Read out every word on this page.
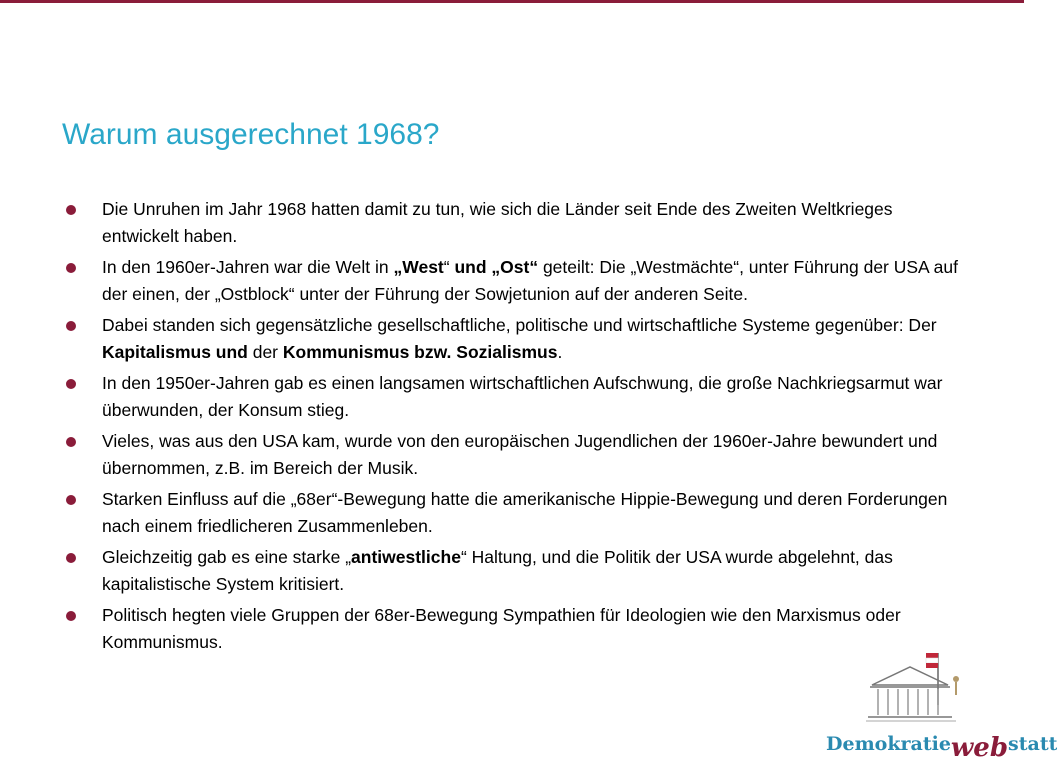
Warum ausgerechnet 1968?
Die Unruhen im Jahr 1968 hatten damit zu tun, wie sich die Länder seit Ende des Zweiten Weltkrieges entwickelt haben.
In den 1960er-Jahren war die Welt in „West“ und „Ost“ geteilt: Die „Westmächte“, unter Führung der USA auf der einen, der „Ostblock“ unter der Führung der Sowjetunion auf der anderen Seite.
Dabei standen sich gegensätzliche gesellschaftliche, politische und wirtschaftliche Systeme gegenüber: Der Kapitalismus und der Kommunismus bzw. Sozialismus.
In den 1950er-Jahren gab es einen langsamen wirtschaftlichen Aufschwung, die große Nachkriegsarmut war überwunden, der Konsum stieg.
Vieles, was aus den USA kam, wurde von den europäischen Jugendlichen der 1960er-Jahre bewundert und übernommen, z.B. im Bereich der Musik.
Starken Einfluss auf die „68er“-Bewegung hatte die amerikanische Hippie-Bewegung und deren Forderungen nach einem friedlicheren Zusammenleben.
Gleichzeitig gab es eine starke „antiwestliche“ Haltung, und die Politik der USA wurde abgelehnt, das kapitalistische System kritisiert.
Politisch hegten viele Gruppen der 68er-Bewegung Sympathien für Ideologien wie den Marxismus oder Kommunismus.
Demokratiewebstatt
